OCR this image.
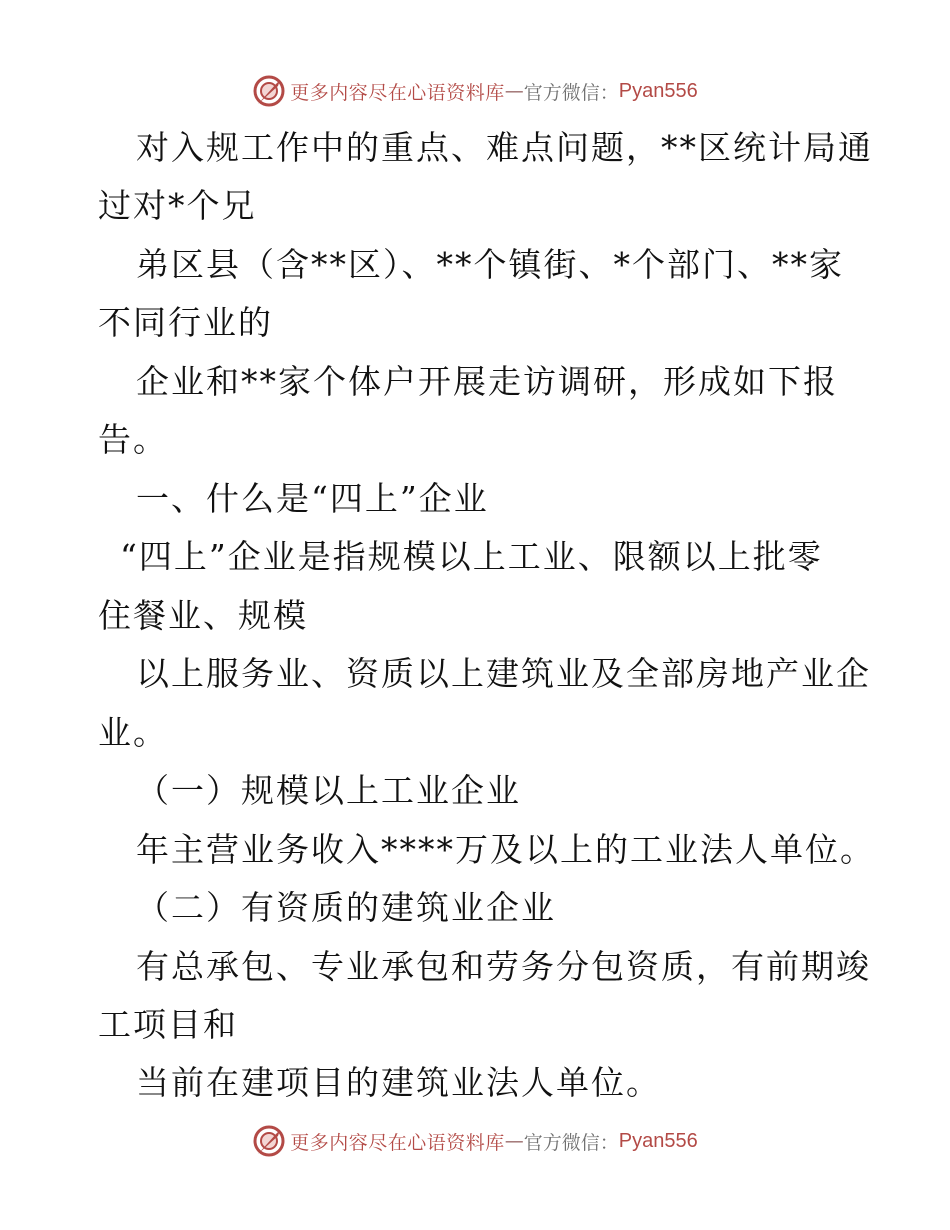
更多内容尽在心语资料库 — 官方微信： Pyan556
对入规工作中的重点、难点问题，**区统计局通
过对*个兄
弟区县（含**区）、**个镇街、*个部门、**家
不同行业的
企业和**家个体户开展走访调研，形成如下报
告。
一、什么是“四上”企业
“四上”企业是指规模以上工业、限额以上批零
住餐业、规模
以上服务业、资质以上建筑业及全部房地产业企
业。
（一）规模以上工业企业
年主营业务收入****万及以上的工业法人单位。
（二）有资质的建筑业企业
有总承包、专业承包和劳务分包资质，有前期竣
工项目和
当前在建项目的建筑业法人单位。
更多内容尽在心语资料库 — 官方微信： Pyan556
